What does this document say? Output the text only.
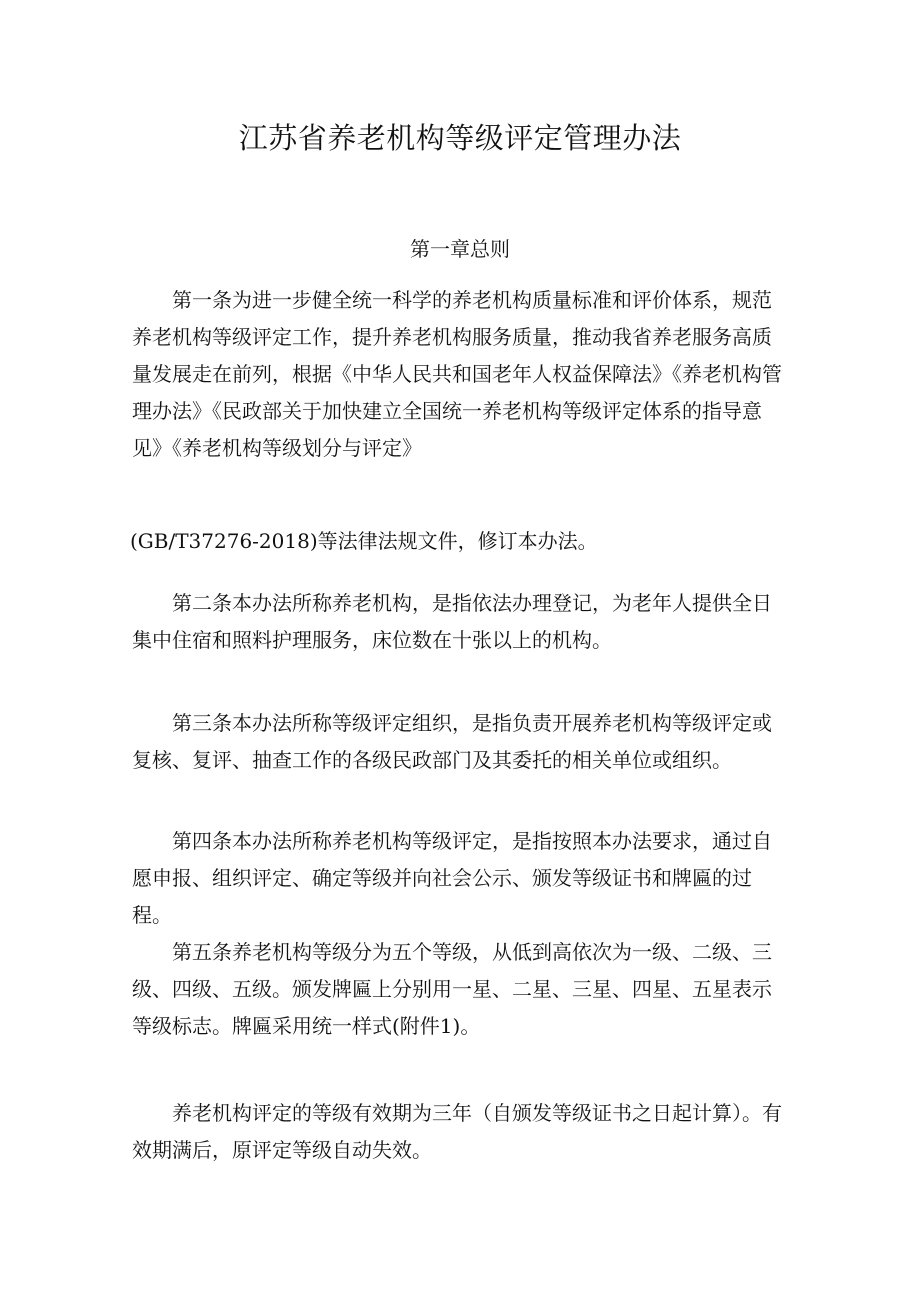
江苏省养老机构等级评定管理办法

第一章总则

第一条为进一步健全统一科学的养老机构质量标准和评价体系，规范养老机构等级评定工作，提升养老机构服务质量，推动我省养老服务高质量发展走在前列，根据《中华人民共和国老年人权益保障法》《养老机构管理办法》《民政部关于加快建立全国统一养老机构等级评定体系的指导意见》《养老机构等级划分与评定》

(GB/T37276-2018)等法律法规文件，修订本办法。

第二条本办法所称养老机构，是指依法办理登记，为老年人提供全日集中住宿和照料护理服务，床位数在十张以上的机构。

第三条本办法所称等级评定组织，是指负责开展养老机构等级评定或复核、复评、抽查工作的各级民政部门及其委托的相关单位或组织。

第四条本办法所称养老机构等级评定，是指按照本办法要求，通过自愿申报、组织评定、确定等级并向社会公示、颁发等级证书和牌匾的过程。

第五条养老机构等级分为五个等级，从低到高依次为一级、二级、三级、四级、五级。颁发牌匾上分别用一星、二星、三星、四星、五星表示等级标志。牌匾采用统一样式(附件1)。

养老机构评定的等级有效期为三年（自颁发等级证书之日起计算）。有效期满后，原评定等级自动失效。
